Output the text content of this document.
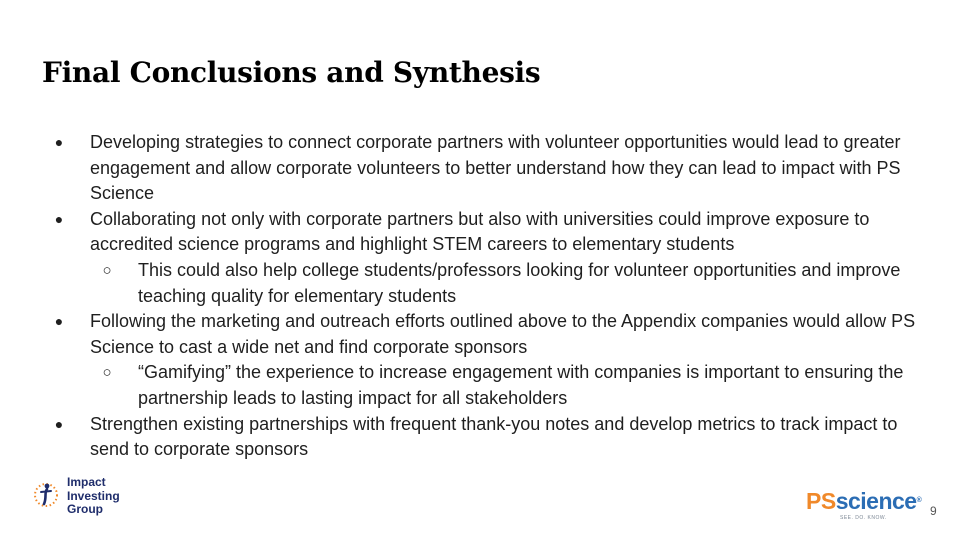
Final Conclusions and Synthesis
● Developing strategies to connect corporate partners with volunteer opportunities would lead to greater engagement and allow corporate volunteers to better understand how they can lead to impact with PS Science
● Collaborating not only with corporate partners but also with universities could improve exposure to accredited science programs and highlight STEM careers to elementary students
○ This could also help college students/professors looking for volunteer opportunities and improve teaching quality for elementary students
● Following the marketing and outreach efforts outlined above to the Appendix companies would allow PS Science to cast a wide net and find corporate sponsors
○ “Gamifying” the experience to increase engagement with companies is important to ensuring the partnership leads to lasting impact for all stakeholders
● Strengthen existing partnerships with frequent thank-you notes and develop metrics to track impact to send to corporate sponsors
Impact
Investing
Group	PSscience®
SEE. DO. KNOW.	9
